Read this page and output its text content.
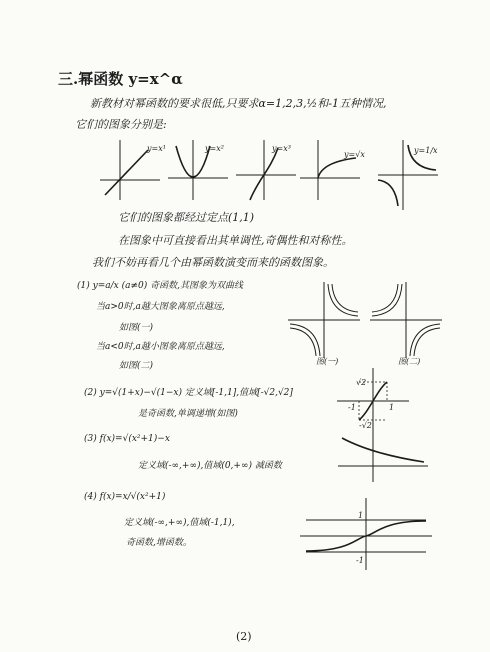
三.幂函数 y=x^α
新教材对幂函数的要求很低,只要求α=1,2,3,½和-1五种情况,
它们的图象分别是:
y=x¹	y=x²	y=x³
y=√x	y=1/x
它们的图象都经过定点(1,1)
在图象中可直接看出其单调性,奇偶性和对称性。
我们不妨再看几个由幂函数演变而来的函数图象。
(1) y=a/x (a≠0) 奇函数,其图象为双曲线
当a>0时,a越大图象离原点越远,
如图(一)
当a<0时,a越小图象离原点越远,
如图(二)	图(一)	图(二)
(2) y=√(1+x)−√(1−x) 定义域[-1,1],值域[-√2,√2]
是奇函数,单调递增(如图)
√2
-√2
-1	1
(3) f(x)=√(x²+1)−x
定义域(-∞,+∞),值域(0,+∞) 减函数
(4) f(x)=x/√(x²+1)
定义域(-∞,+∞),值域(-1,1),
奇函数,增函数。
1
-1
(2)
